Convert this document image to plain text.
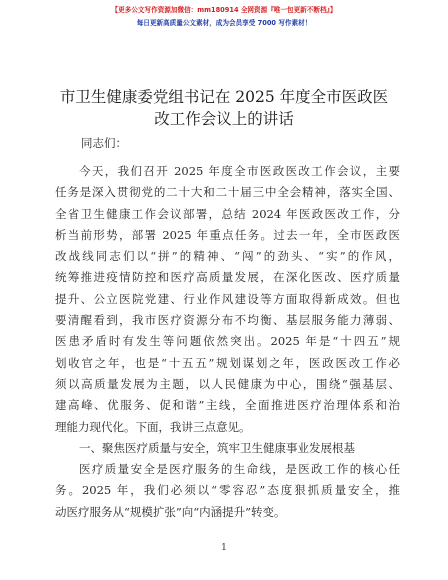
【更多公文写作资源加微信：mm180914 全网资源『唯一包更新不断档』】
每日更新高质量公文素材，成为会员享受 7000 写作素材！
市卫生健康委党组书记在 2025 年度全市医政医
改工作会议上的讲话
同志们：
今天，我们召开 2025 年度全市医政医改工作会议，主要
任务是深入贯彻党的二十大和二十届三中全会精神，落实全国、
全省卫生健康工作会议部署，总结 2024 年医政医改工作，分
析当前形势，部署 2025 年重点任务。过去一年，全市医政医
改战线同志们以“拼”的精神、“闯”的劲头、“实”的作风，
统筹推进疫情防控和医疗高质量发展，在深化医改、医疗质量
提升、公立医院党建、行业作风建设等方面取得新成效。但也
要清醒看到，我市医疗资源分布不均衡、基层服务能力薄弱、
医患矛盾时有发生等问题依然突出。2025 年是“十四五”规
划收官之年，也是“十五五”规划谋划之年，医政医改工作必
须以高质量发展为主题，以人民健康为中心，围绕“强基层、
建高峰、优服务、促和谐”主线，全面推进医疗治理体系和治
理能力现代化。下面，我讲三点意见。
一、聚焦医疗质量与安全，筑牢卫生健康事业发展根基
医疗质量安全是医疗服务的生命线，是医政工作的核心任
务。2025 年，我们必须以“零容忍”态度狠抓质量安全，推
动医疗服务从“规模扩张”向“内涵提升”转变。
1
